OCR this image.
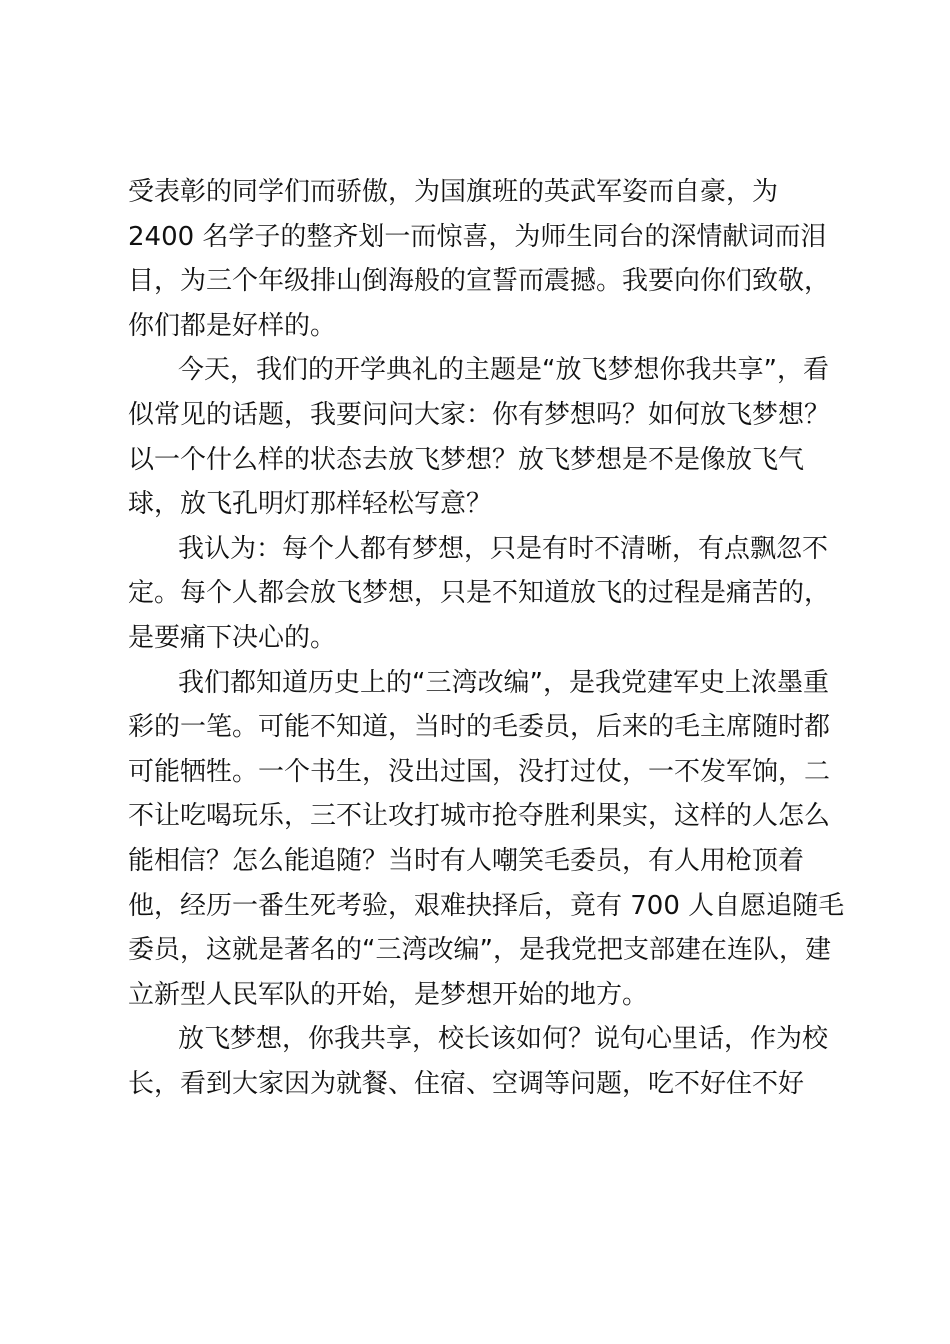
受表彰的同学们而骄傲，为国旗班的英武军姿而自豪，为
2400 名学子的整齐划一而惊喜，为师生同台的深情献词而泪
目，为三个年级排山倒海般的宣誓而震撼。我要向你们致敬，
你们都是好样的。
今天，我们的开学典礼的主题是“放飞梦想你我共享”，看
似常见的话题，我要问问大家：你有梦想吗？如何放飞梦想？
以一个什么样的状态去放飞梦想？放飞梦想是不是像放飞气
球，放飞孔明灯那样轻松写意？
我认为：每个人都有梦想，只是有时不清晰，有点飘忽不
定。每个人都会放飞梦想，只是不知道放飞的过程是痛苦的，
是要痛下决心的。
我们都知道历史上的“三湾改编”，是我党建军史上浓墨重
彩的一笔。可能不知道，当时的毛委员，后来的毛主席随时都
可能牺牲。一个书生，没出过国，没打过仗，一不发军饷，二
不让吃喝玩乐，三不让攻打城市抢夺胜利果实，这样的人怎么
能相信？怎么能追随？当时有人嘲笑毛委员，有人用枪顶着
他，经历一番生死考验，艰难抉择后，竟有 700 人自愿追随毛
委员，这就是著名的“三湾改编”，是我党把支部建在连队，建
立新型人民军队的开始，是梦想开始的地方。
放飞梦想，你我共享，校长该如何？说句心里话，作为校
长，看到大家因为就餐、住宿、空调等问题，吃不好住不好
